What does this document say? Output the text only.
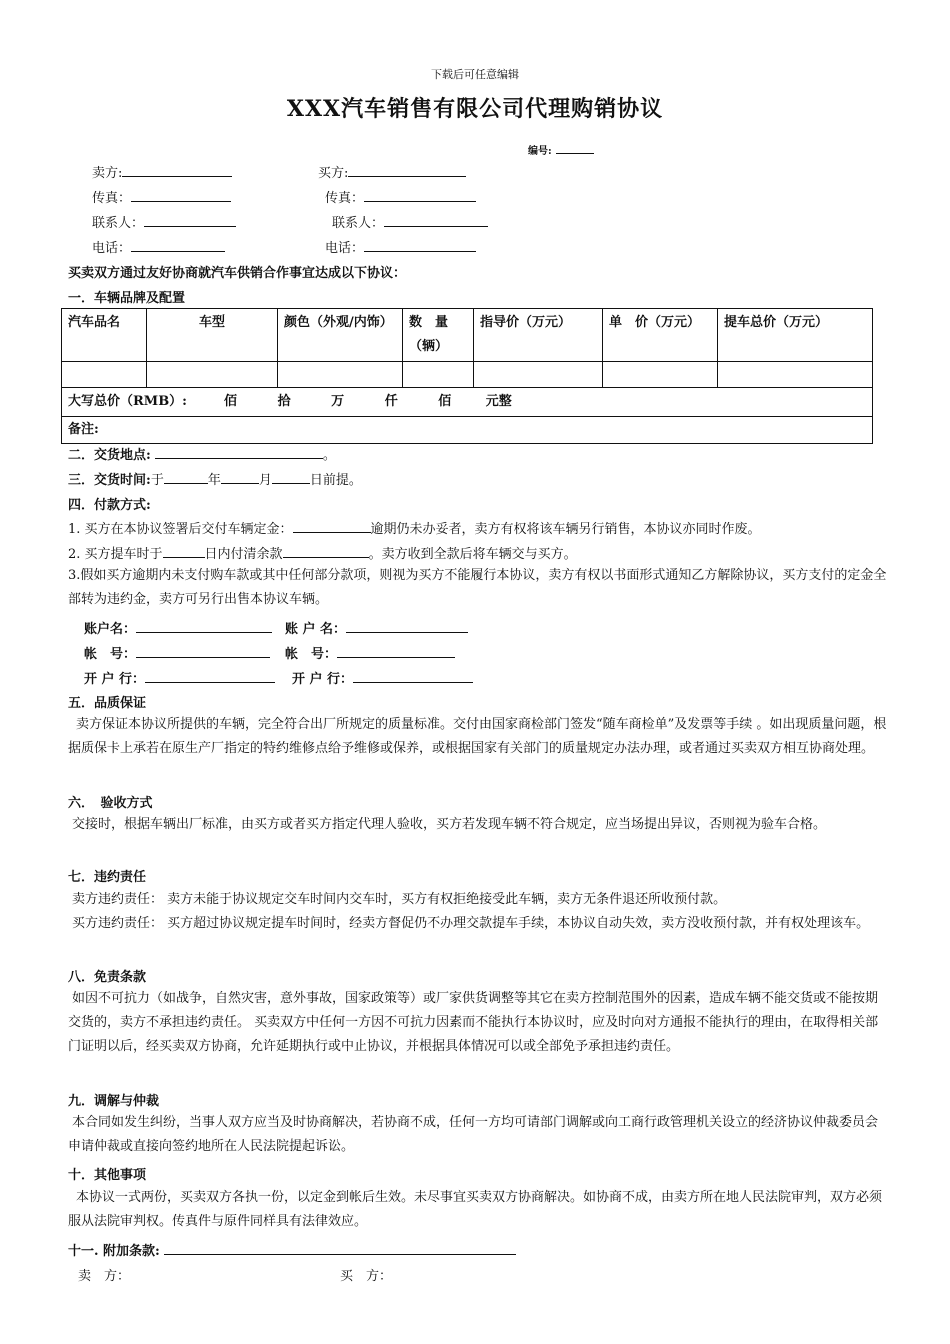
下载后可任意编辑
XXX汽车销售有限公司代理购销协议
编号:
卖方:	买方:
传真：	传真：
联系人：	联系人：
电话：	电话：
买卖双方通过友好协商就汽车供销合作事宜达成以下协议：
一．车辆品牌及配置
汽车品名	车型	颜色（外观/内饰）	数　量（辆）	指导价（万元）	单　价（万元）	提车总价（万元）

大写总价（RMB）: 佰 拾 万 仟 佰 元整						
备注:						
二．交货地点:	。
三．交货时间:于	年	月	日前提。
四．付款方式:
1. 买方在本协议签署后交付车辆定金：	逾期仍未办妥者，卖方有权将该车辆另行销售，本协议亦同时作废。
2. 买方提车时于	日内付清余款	。卖方收到全款后将车辆交与买方。
3.假如买方逾期内未支付购车款或其中任何部分款项，则视为买方不能履行本协议，卖方有权以书面形式通知乙方解除协议，买方支付的定金全部转为违约金，卖方可另行出售本协议车辆。
账户名：	账 户 名：
帐　号：	帐　号：
开 户 行：	开 户 行：
五．品质保证
卖方保证本协议所提供的车辆，完全符合出厂所规定的质量标准。交付由国家商检部门签发“随车商检单”及发票等手续 。如出现质量问题，根据质保卡上承若在原生产厂指定的特约维修点给予维修或保养，或根据国家有关部门的质量规定办法办理，或者通过买卖双方相互协商处理。
六．　验收方式
交接时，根据车辆出厂标准，由买方或者买方指定代理人验收，买方若发现车辆不符合规定，应当场提出异议，否则视为验车合格。
七．违约责任
卖方违约责任： 卖方未能于协议规定交车时间内交车时，买方有权拒绝接受此车辆，卖方无条件退还所收预付款。
买方违约责任： 买方超过协议规定提车时间时，经卖方督促仍不办理交款提车手续，本协议自动失效，卖方没收预付款，并有权处理该车。
八．免责条款
如因不可抗力（如战争，自然灾害，意外事故，国家政策等）或厂家供货调整等其它在卖方控制范围外的因素，造成车辆不能交货或不能按期交货的，卖方不承担违约责任。 买卖双方中任何一方因不可抗力因素而不能执行本协议时，应及时向对方通报不能执行的理由，在取得相关部门证明以后，经买卖双方协商，允许延期执行或中止协议，并根据具体情况可以或全部免予承担违约责任。
九．调解与仲裁
本合同如发生纠纷，当事人双方应当及时协商解决，若协商不成，任何一方均可请部门调解或向工商行政管理机关设立的经济协议仲裁委员会申请仲裁或直接向签约地所在人民法院提起诉讼。
十．其他事项
本协议一式两份，买卖双方各执一份，以定金到帐后生效。未尽事宜买卖双方协商解决。如协商不成，由卖方所在地人民法院审判，双方必须服从法院审判权。传真件与原件同样具有法律效应。
十一. 附加条款:
卖　方：	买　方：
